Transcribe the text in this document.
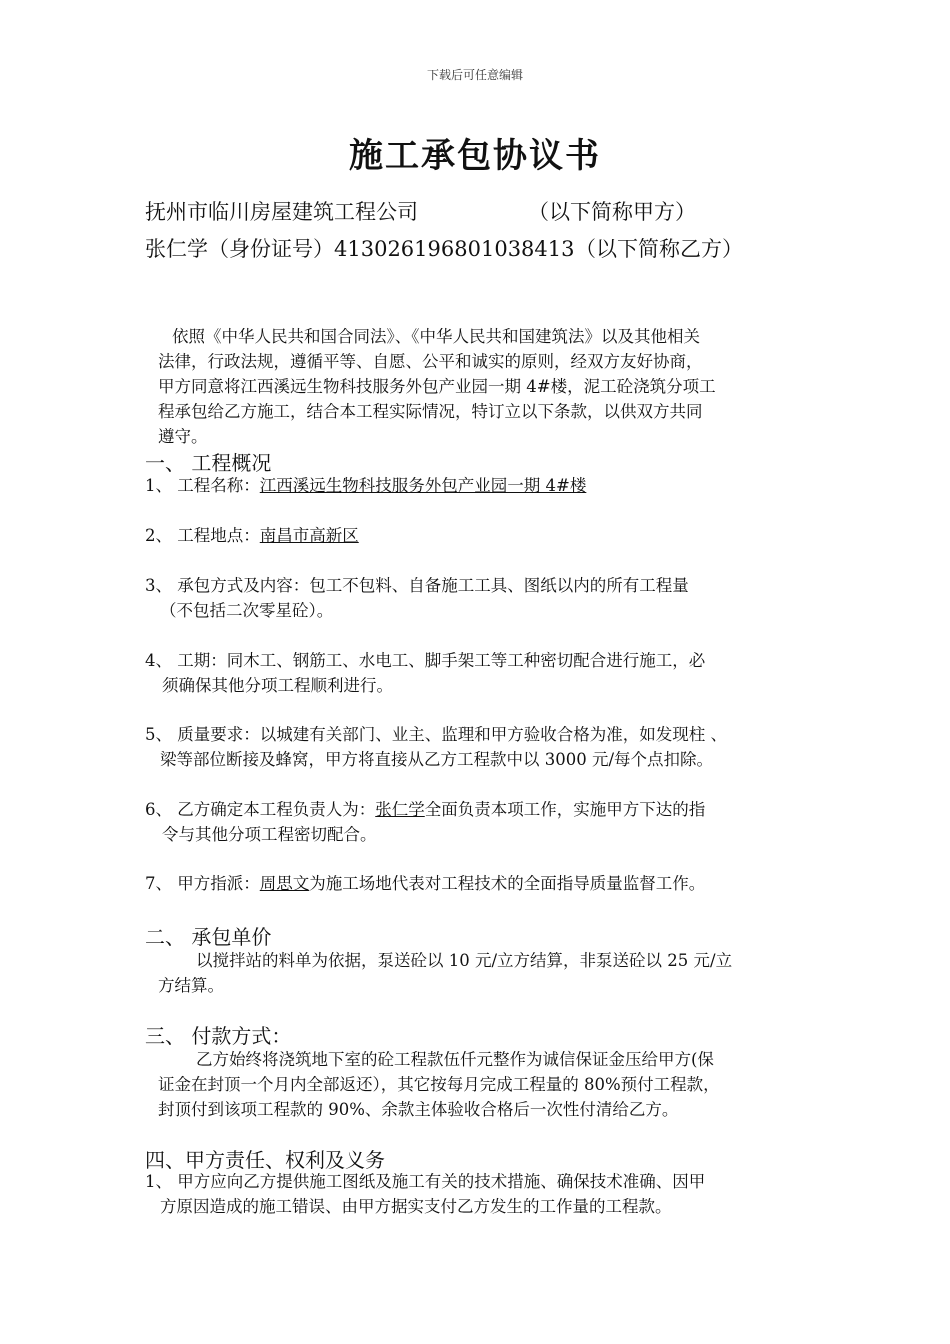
下载后可任意编辑
施工承包协议书
抚州市临川房屋建筑工程公司	（以下简称甲方）
张仁学（身份证号）413026196801038413 （以下简称乙方）
依照《中华人民共和国合同法》、《中华人民共和国建筑法》以及其他相关
法律，行政法规，遵循平等、自愿、公平和诚实的原则，经双方友好协商，
甲方同意将江西溪远生物科技服务外包产业园一期 4#楼，泥工砼浇筑分项工
程承包给乙方施工，结合本工程实际情况，特订立以下条款，以供双方共同
遵守。
一、 工程概况
1、 工程名称：江西溪远生物科技服务外包产业园一期 4#楼
2、 工程地点：南昌市高新区
3、 承包方式及内容：包工不包料、自备施工工具、图纸以内的所有工程量
（不包括二次零星砼）。
4、 工期：同木工、钢筋工、水电工、脚手架工等工种密切配合进行施工，必
须确保其他分项工程顺利进行。
5、 质量要求：以城建有关部门、业主、监理和甲方验收合格为准，如发现柱 、
梁等部位断接及蜂窝，甲方将直接从乙方工程款中以 3000 元/每个点扣除。
6、 乙方确定本工程负责人为：张仁学全面负责本项工作，实施甲方下达的指
令与其他分项工程密切配合。
7、 甲方指派：周思文为施工场地代表对工程技术的全面指导质量监督工作。
二、 承包单价
以搅拌站的料单为依据，泵送砼以 10 元/立方结算，非泵送砼以 25 元/立
方结算。
三、 付款方式：
乙方始终将浇筑地下室的砼工程款伍仟元整作为诚信保证金压给甲方(保
证金在封顶一个月内全部返还），其它按每月完成工程量的 80%预付工程款，
封顶付到该项工程款的 90%、余款主体验收合格后一次性付清给乙方。
四、甲方责任、权利及义务
1、 甲方应向乙方提供施工图纸及施工有关的技术措施、确保技术准确、因甲
方原因造成的施工错误、由甲方据实支付乙方发生的工作量的工程款。
